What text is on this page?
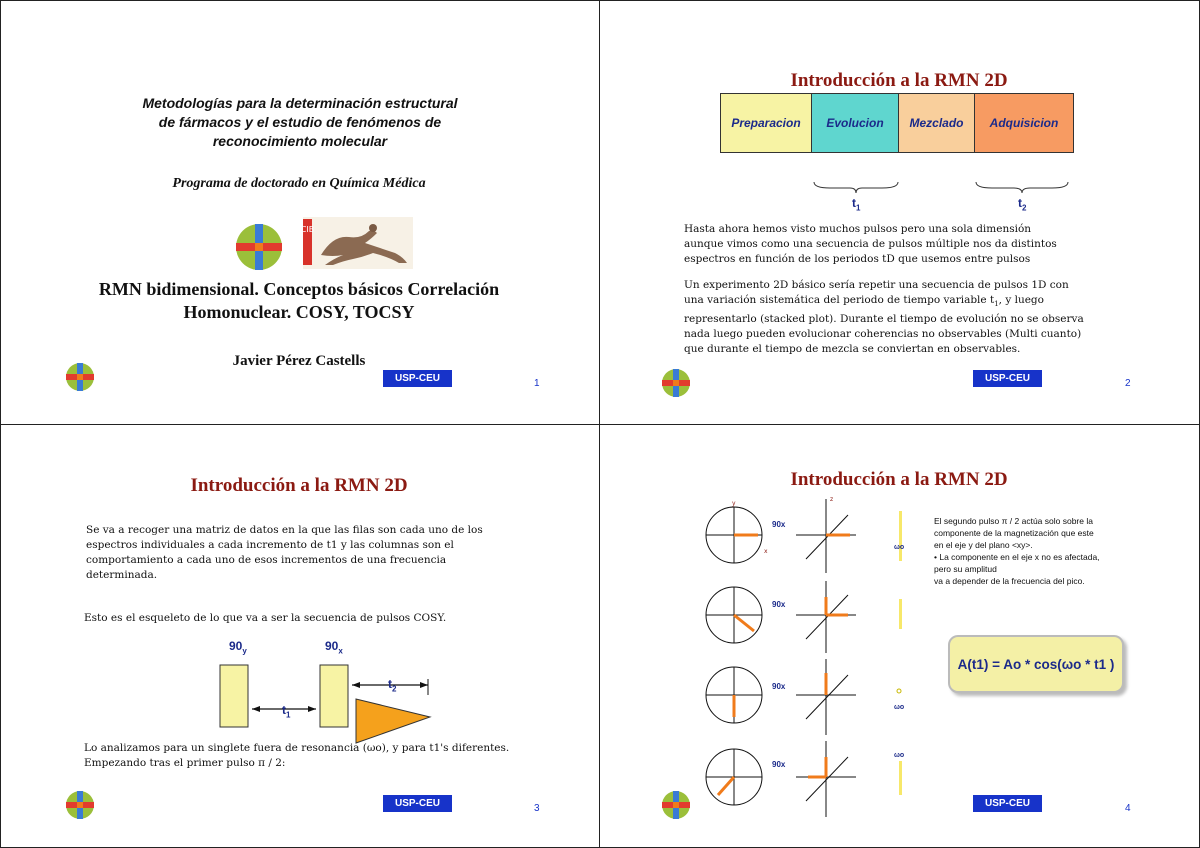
Metodologías para la determinación estructural
de fármacos y el estudio de fenómenos de
reconocimiento molecular
Programa de doctorado en Química Médica
CIB
RMN bidimensional. Conceptos básicos Correlación
Homonuclear. COSY, TOCSY
Javier Pérez Castells
USP-CEU	1
Introducción a la RMN 2D
Preparacion	Evolucion	Mezclado	Adquisicion
$t_1$	$t_2$
Hasta ahora hemos visto muchos pulsos pero una sola dimensión aunque vimos como una secuencia de pulsos múltiple nos da distintos espectros en función de los periodos tD que usemos entre pulsos
Un experimento 2D básico sería repetir una secuencia de pulsos 1D con una variación sistemática del periodo de tiempo variable $t_1$, y luego representarlo (stacked plot). Durante el tiempo de evolución no se observa nada luego pueden evolucionar coherencias no observables (Multi cuanto) que durante el tiempo de mezcla se conviertan en observables.
USP-CEU	2
Introducción a la RMN 2D
Se va a recoger una matriz de datos en la que las filas son cada uno de los espectros individuales a cada incremento de t1 y las columnas son el comportamiento a cada uno de esos incrementos de una frecuencia determinada.
Esto es el esqueleto de lo que va a ser la secuencia de pulsos COSY.
$90_y$	$90_x$
$t_1$
$t_2$
Lo analizamos para un singlete fuera de resonancia (ωo), y para t1's diferentes. Empezando tras el primer pulso π / 2:
USP-CEU	3
Introducción a la RMN 2D
y
x
z
90x
90x
90x
90x
ωo
ωo
ωo
El segundo pulso π / 2 actúa solo sobre la
componente de la magnetización que este
en el eje y del plano <xy>.
• La componente en el eje x no es afectada,
pero su amplitud
va a depender de la frecuencia del pico.
A(t1) = Ao * cos(ωo * t1 )
USP-CEU	4
